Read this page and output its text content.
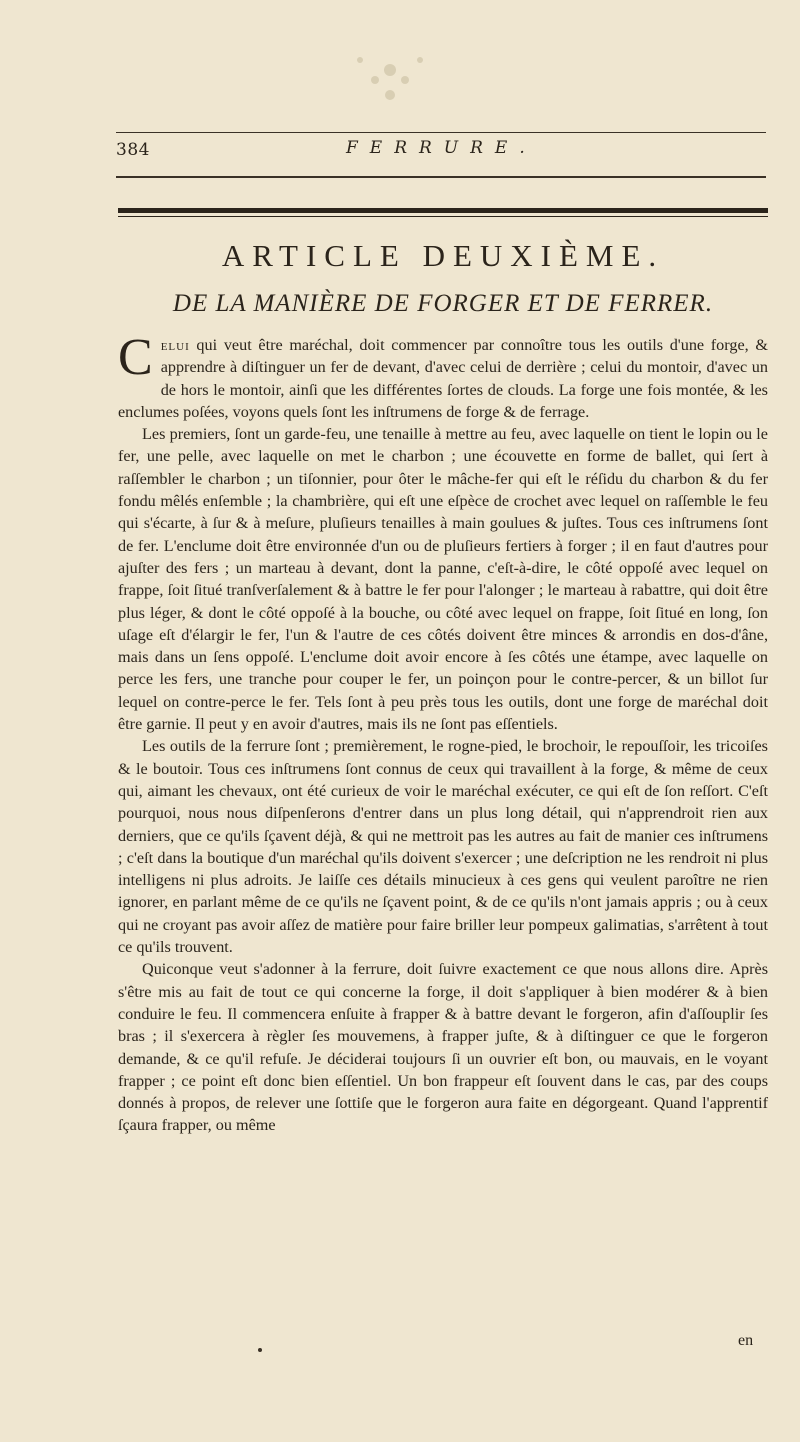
384	FERRURE.
ARTICLE DEUXIÈME.
DE LA MANIÈRE DE FORGER ET DE FERRER.

Celui qui veut être maréchal, doit commencer par connoître tous les outils d'une forge, & apprendre à diſtinguer un fer de devant, d'avec celui de derrière ; celui du montoir, d'avec un de hors le montoir, ainſi que les différentes ſortes de clouds. La forge une fois montée, & les enclumes poſées, voyons quels ſont les inſtrumens de forge & de ferrage.

Les premiers, ſont un garde-feu, une tenaille à mettre au feu, avec laquelle on tient le lopin ou le fer, une pelle, avec laquelle on met le charbon ; une écouvette en forme de ballet, qui ſert à raſſembler le charbon ; un tiſonnier, pour ôter le mâche-fer qui eſt le réſidu du charbon & du fer fondu mêlés enſemble ; la chambrière, qui eſt une eſpèce de crochet avec lequel on raſſemble le feu qui s'écarte, à ſur & à meſure, pluſieurs tenailles à main goulues & juſtes. Tous ces inſtrumens ſont de fer. L'enclume doit être environnée d'un ou de pluſieurs fertiers à forger ; il en faut d'autres pour ajuſter des fers ; un marteau à devant, dont la panne, c'eſt-à-dire, le côté oppoſé avec lequel on frappe, ſoit ſitué tranſverſalement & à battre le fer pour l'alonger ; le marteau à rabattre, qui doit être plus léger, & dont le côté oppoſé à la bouche, ou côté avec lequel on frappe, ſoit ſitué en long, ſon uſage eſt d'élargir le fer, l'un & l'autre de ces côtés doivent être minces & arrondis en dos-d'âne, mais dans un ſens oppoſé. L'enclume doit avoir encore à ſes côtés une étampe, avec laquelle on perce les fers, une tranche pour couper le fer, un poinçon pour le contre-percer, & un billot ſur lequel on contre-perce le fer. Tels ſont à peu près tous les outils, dont une forge de maréchal doit être garnie. Il peut y en avoir d'autres, mais ils ne ſont pas eſſentiels.

Les outils de la ferrure ſont ; premièrement, le rogne-pied, le brochoir, le repouſſoir, les tricoiſes & le boutoir. Tous ces inſtrumens ſont connus de ceux qui travaillent à la forge, & même de ceux qui, aimant les chevaux, ont été curieux de voir le maréchal exécuter, ce qui eſt de ſon reſſort. C'eſt pourquoi, nous nous diſpenſerons d'entrer dans un plus long détail, qui n'apprendroit rien aux derniers, que ce qu'ils ſçavent déjà, & qui ne mettroit pas les autres au fait de manier ces inſtrumens ; c'eſt dans la boutique d'un maréchal qu'ils doivent s'exercer ; une deſcription ne les rendroit ni plus intelligens ni plus adroits. Je laiſſe ces détails minucieux à ces gens qui veulent paroître ne rien ignorer, en parlant même de ce qu'ils ne ſçavent point, & de ce qu'ils n'ont jamais appris ; ou à ceux qui ne croyant pas avoir aſſez de matière pour faire briller leur pompeux galimatias, s'arrêtent à tout ce qu'ils trouvent.

Quiconque veut s'adonner à la ferrure, doit ſuivre exactement ce que nous allons dire. Après s'être mis au fait de tout ce qui concerne la forge, il doit s'appliquer à bien modérer & à bien conduire le feu. Il commencera enſuite à frapper & à battre devant le forgeron, afin d'aſſouplir ſes bras ; il s'exercera à règler ſes mouvemens, à frapper juſte, & à diſtinguer ce que le forgeron demande, & ce qu'il refuſe. Je déciderai toujours ſi un ouvrier eſt bon, ou mauvais, en le voyant frapper ; ce point eſt donc bien eſſentiel. Un bon frappeur eſt ſouvent dans le cas, par des coups donnés à propos, de relever une ſottiſe que le forgeron aura faite en dégorgeant. Quand l'apprentif ſçaura frapper, ou même

en
